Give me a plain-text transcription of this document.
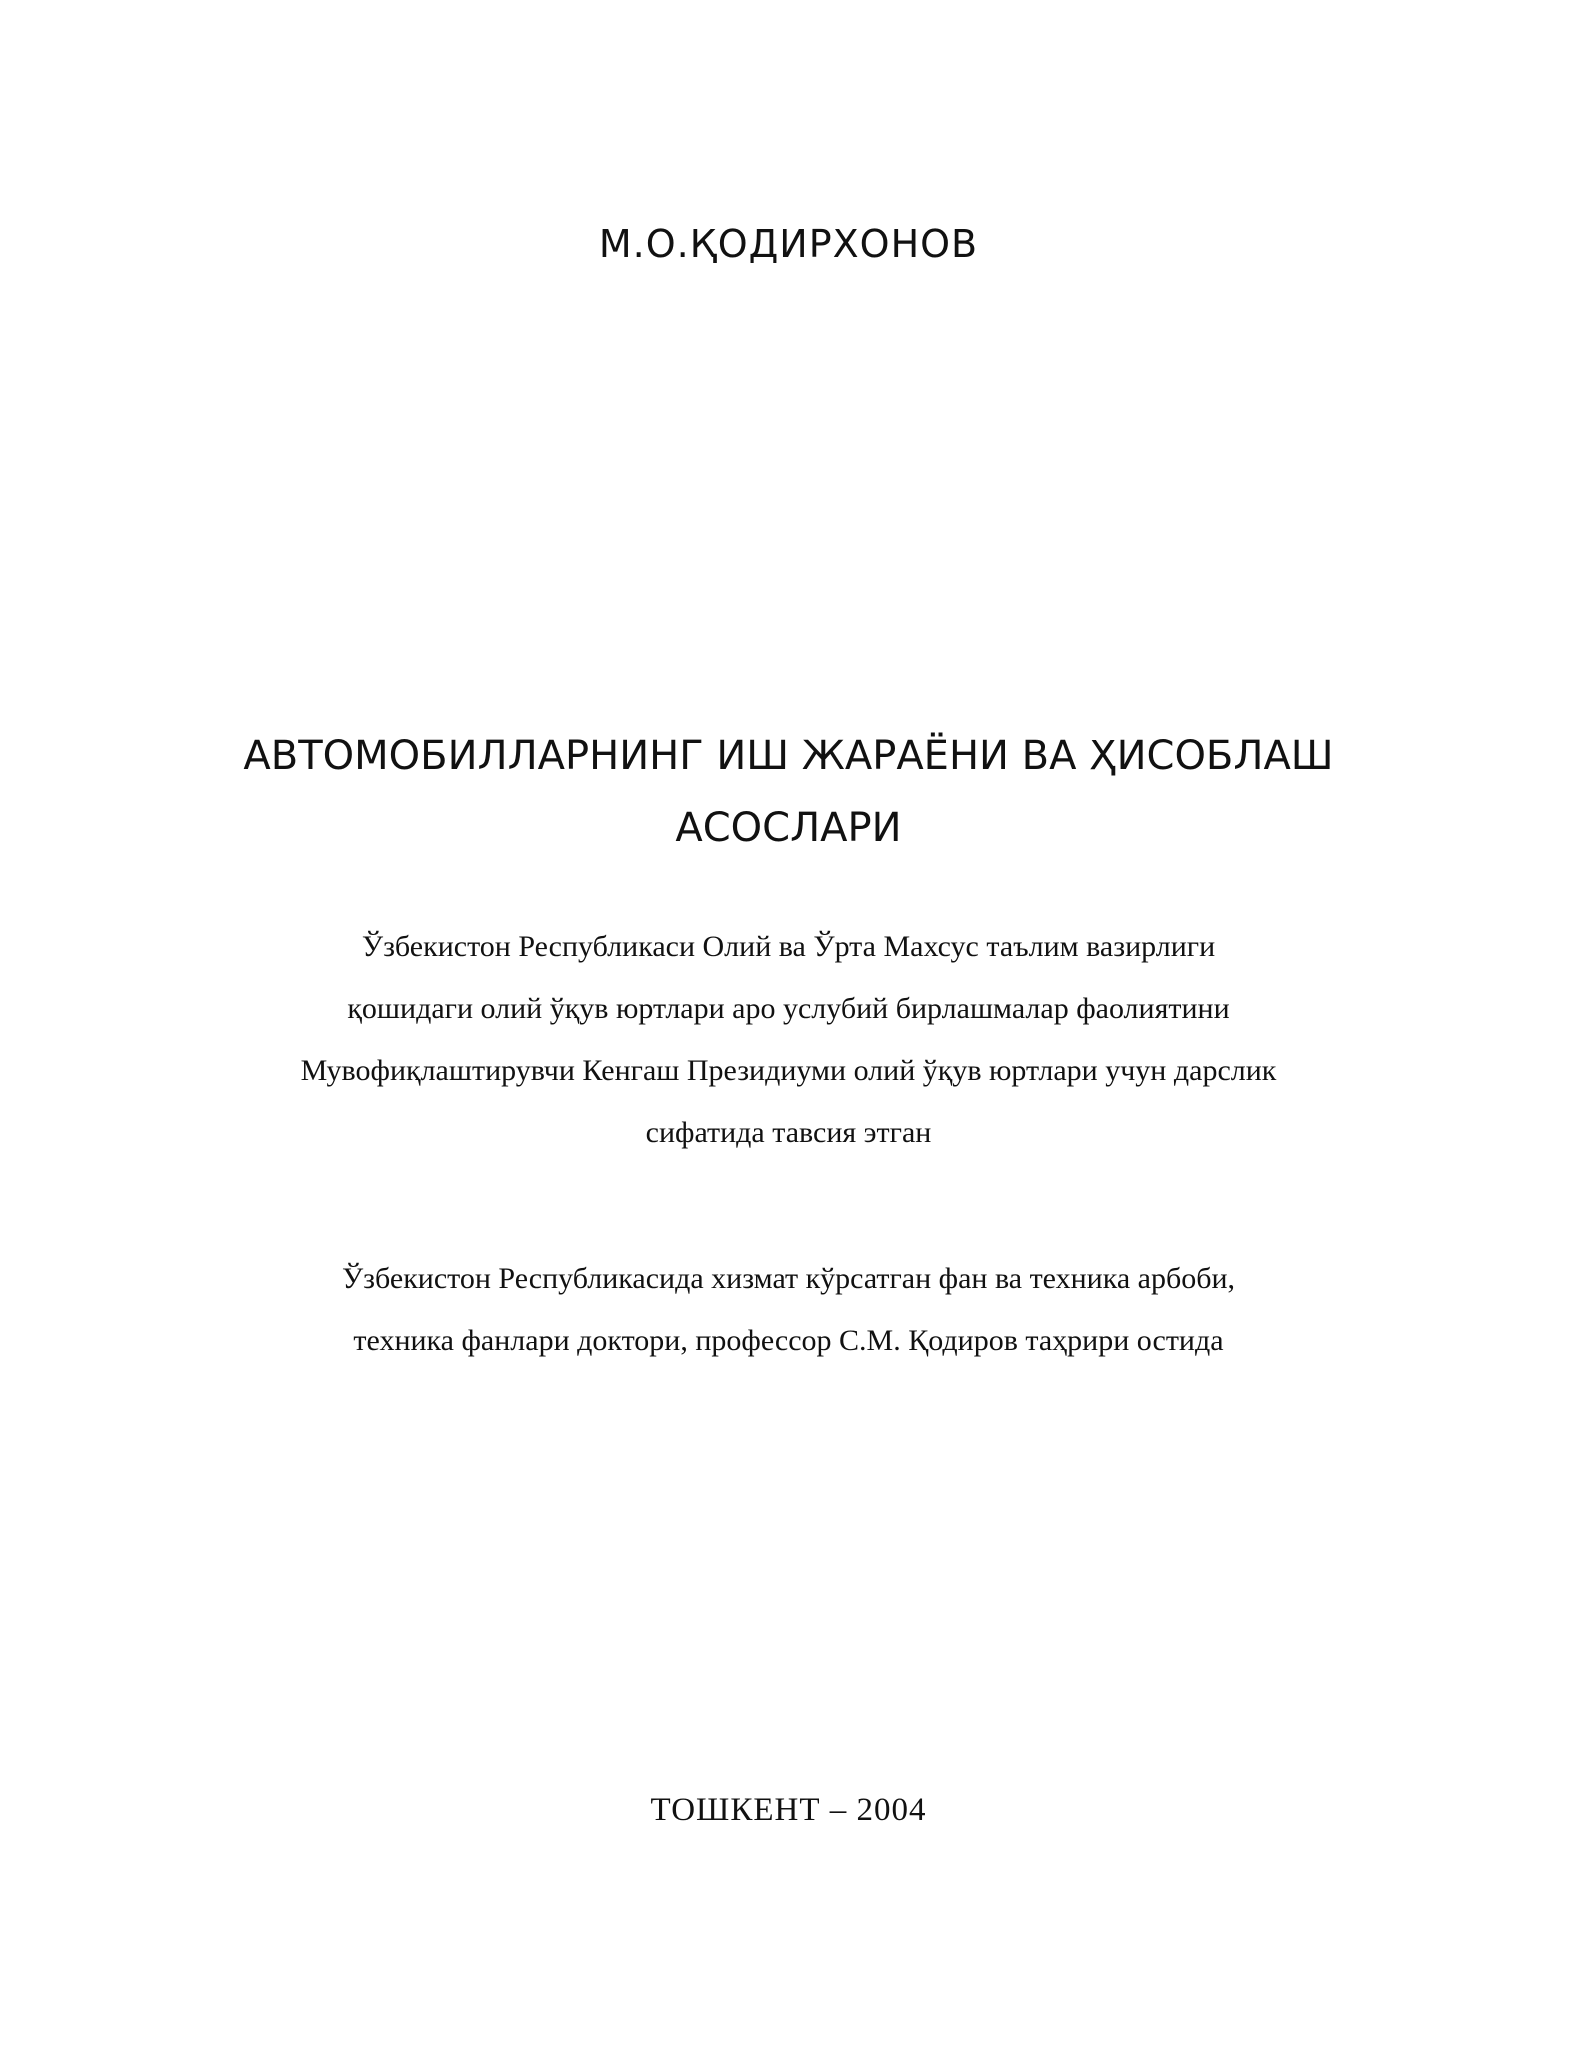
М.О.ҚОДИРХОНОВ
АВТОМОБИЛЛАРНИНГ ИШ ЖАРАЁНИ ВА ҲИСОБЛАШ
АСОСЛАРИ
Ўзбекистон Республикаси Олий ва Ўрта Махсус таълим вазирлиги
қошидаги олий ўқув юртлари аро услубий бирлашмалар фаолиятини
Мувофиқлаштирувчи Кенгаш Президиуми олий ўқув юртлари учун дарслик
сифатида тавсия этган
Ўзбекистон Республикасида хизмат кўрсатган фан ва техника арбоби,
техника фанлари доктори, профессор С.М. Қодиров таҳрири остида
ТОШКЕНТ – 2004
